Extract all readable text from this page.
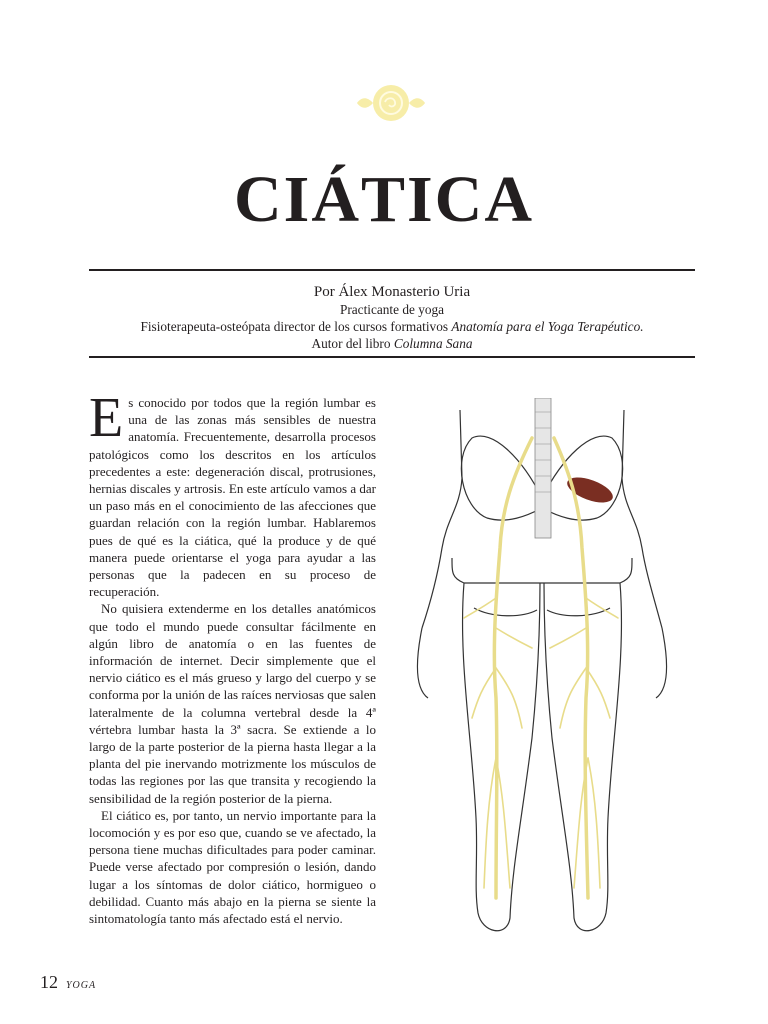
CIÁTICA
Por Álex Monasterio Uria
Practicante de yoga
Fisioterapeuta-osteópata director de los cursos formativos Anatomía para el Yoga Terapéutico.
Autor del libro Columna Sana

Es conocido por todos que la región lumbar es una de las zonas más sensibles de nuestra anatomía. Frecuentemente, desarrolla procesos patológicos como los descritos en los artículos precedentes a este: degeneración discal, protrusiones, hernias discales y artrosis. En este artículo vamos a dar un paso más en el conocimiento de las afecciones que guardan relación con la región lumbar. Hablaremos pues de qué es la ciática, qué la produce y de qué manera puede orientarse el yoga para ayudar a las personas que la padecen en su proceso de recuperación.

No quisiera extenderme en los detalles anatómicos que todo el mundo puede consultar fácilmente en algún libro de anatomía o en las fuentes de información de internet. Decir simplemente que el nervio ciático es el más grueso y largo del cuerpo y se conforma por la unión de las raíces nerviosas que salen lateralmente de la columna vertebral desde la 4ª vértebra lumbar hasta la 3ª sacra. Se extiende a lo largo de la parte posterior de la pierna hasta llegar a la planta del pie inervando motrizmente los músculos de todas las regiones por las que transita y recogiendo la sensibilidad de la región posterior de la pierna.

El ciático es, por tanto, un nervio importante para la locomoción y es por eso que, cuando se ve afectado, la persona tiene muchas dificultades para poder caminar. Puede verse afectado por compresión o lesión, dando lugar a los síntomas de dolor ciático, hormigueo o debilidad. Cuanto más abajo en la pierna se siente la sintomatología tanto más afectado está el nervio.

12 YOGA
